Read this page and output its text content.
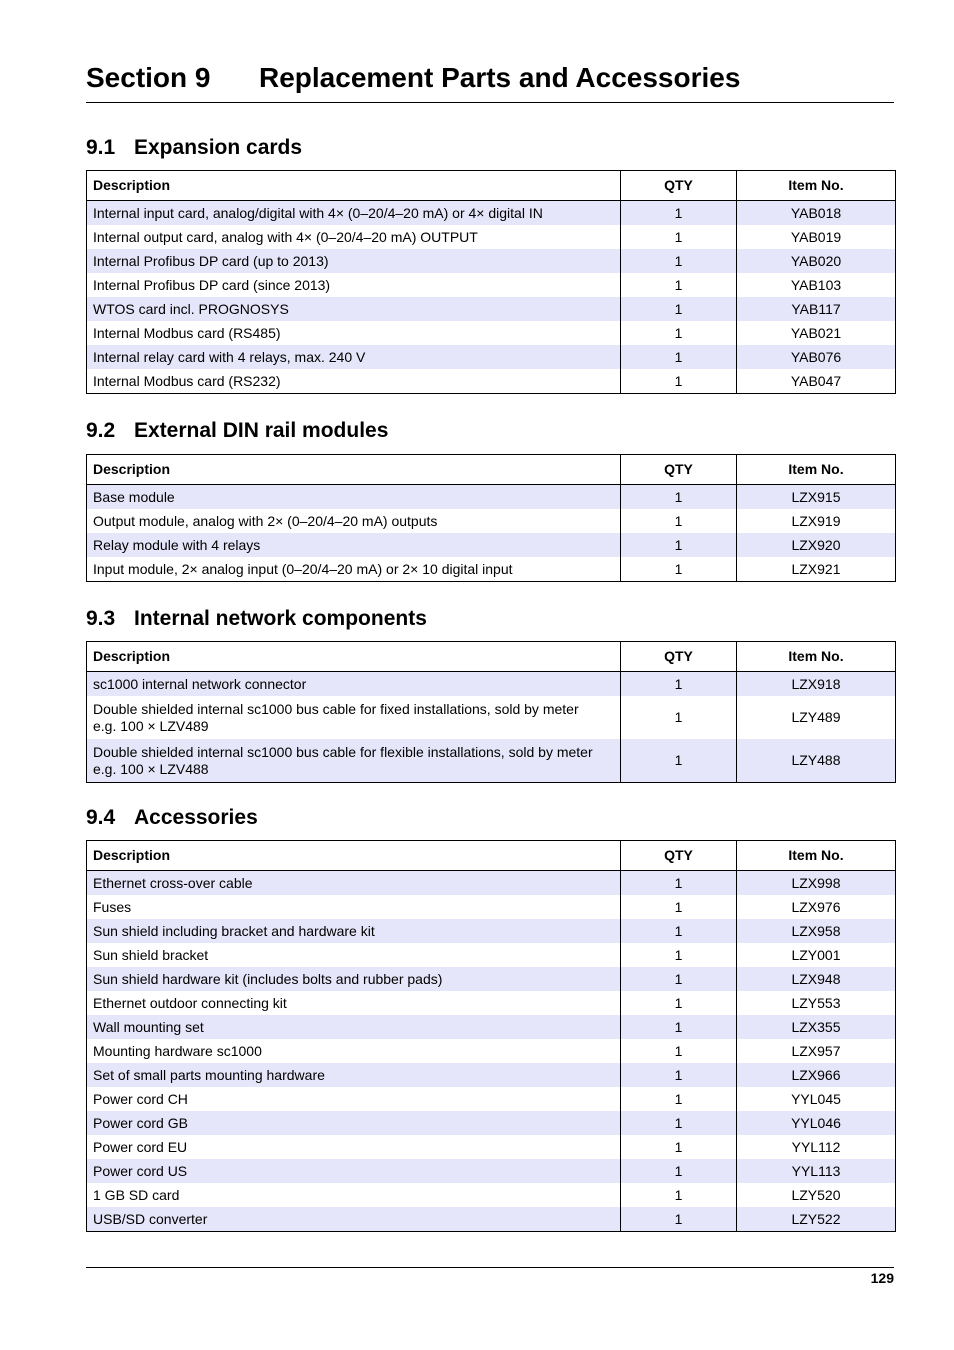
Section 9 Replacement Parts and Accessories
9.1 Expansion cards
Description	QTY	Item No.
Internal input card, analog/digital with 4× (0–20/4–20 mA) or 4× digital IN	1	YAB018
Internal output card, analog with 4× (0–20/4–20 mA) OUTPUT	1	YAB019
Internal Profibus DP card (up to 2013)	1	YAB020
Internal Profibus DP card (since 2013)	1	YAB103
WTOS card incl. PROGNOSYS	1	YAB117
Internal Modbus card (RS485)	1	YAB021
Internal relay card with 4 relays, max. 240 V	1	YAB076
Internal Modbus card (RS232)	1	YAB047
9.2 External DIN rail modules
Description	QTY	Item No.
Base module	1	LZX915
Output module, analog with 2× (0–20/4–20 mA) outputs	1	LZX919
Relay module with 4 relays	1	LZX920
Input module, 2× analog input (0–20/4–20 mA) or 2× 10 digital input	1	LZX921
9.3 Internal network components
Description	QTY	Item No.
sc1000 internal network connector	1	LZX918
Double shielded internal sc1000 bus cable for fixed installations, sold by meter
e.g. 100 × LZV489	1	LZY489
Double shielded internal sc1000 bus cable for flexible installations, sold by meter
e.g. 100 × LZV488	1	LZY488
9.4 Accessories
Description	QTY	Item No.
Ethernet cross-over cable	1	LZX998
Fuses	1	LZX976
Sun shield including bracket and hardware kit	1	LZX958
Sun shield bracket	1	LZY001
Sun shield hardware kit (includes bolts and rubber pads)	1	LZX948
Ethernet outdoor connecting kit	1	LZY553
Wall mounting set	1	LZX355
Mounting hardware sc1000	1	LZX957
Set of small parts mounting hardware	1	LZX966
Power cord CH	1	YYL045
Power cord GB	1	YYL046
Power cord EU	1	YYL112
Power cord US	1	YYL113
1 GB SD card	1	LZY520
USB/SD converter	1	LZY522
129
